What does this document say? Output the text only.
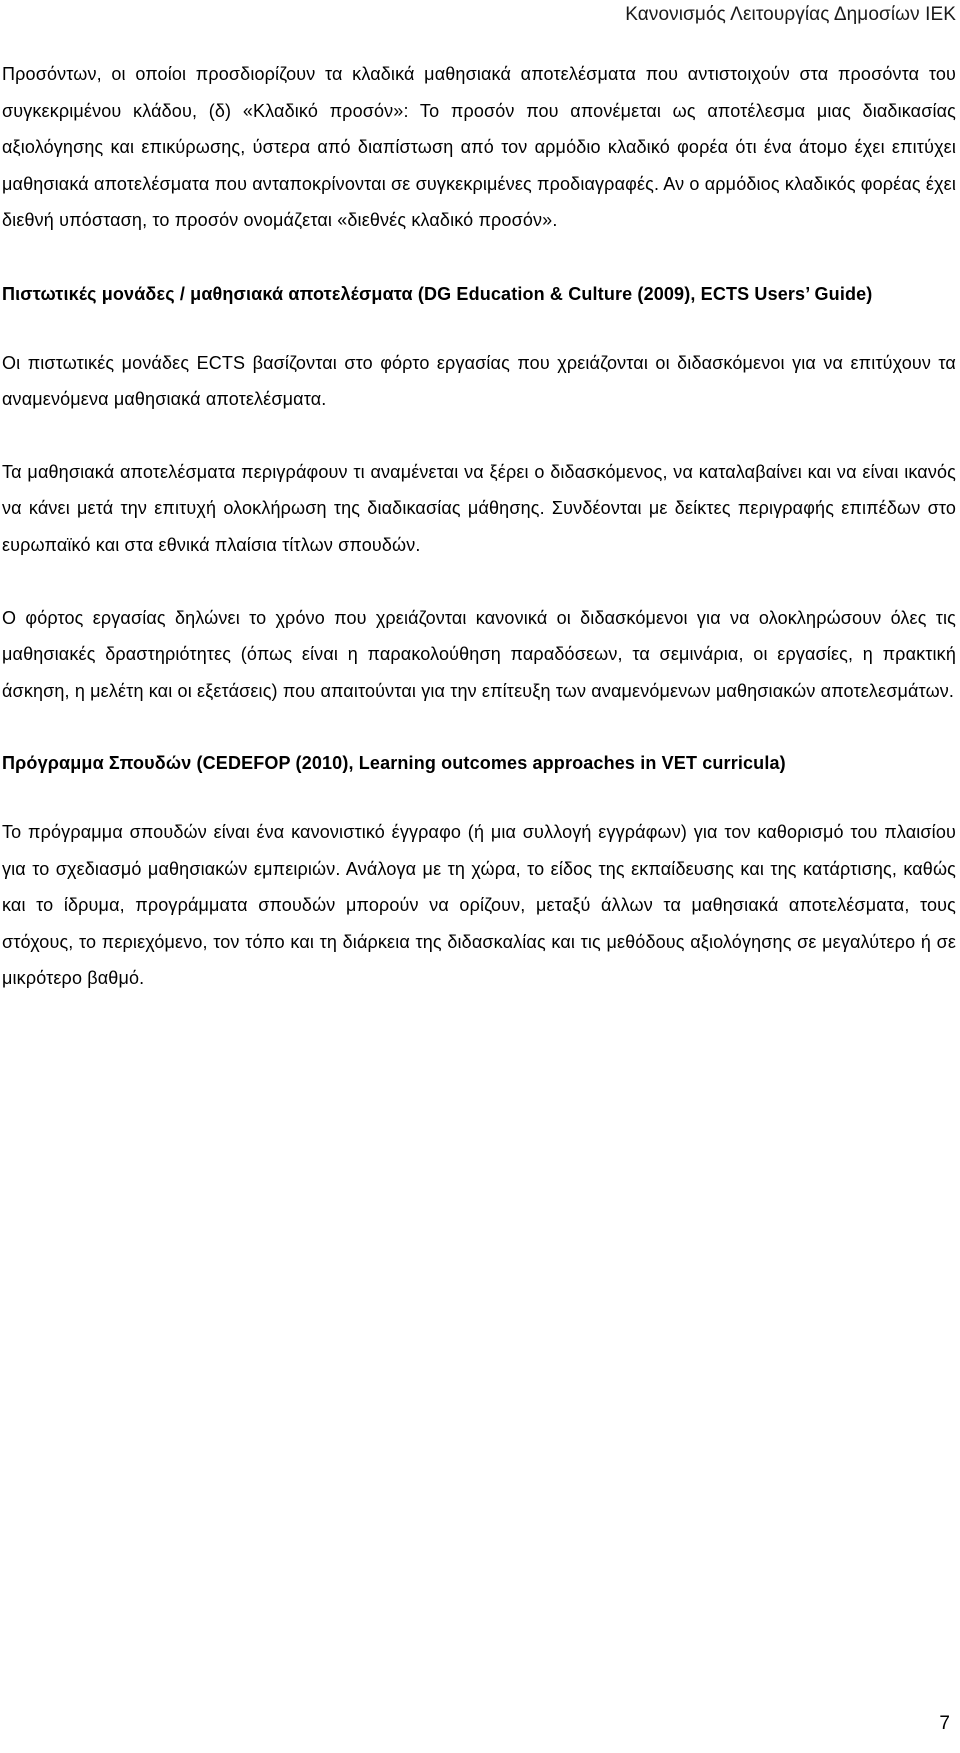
Κανονισμός Λειτουργίας Δημοσίων ΙΕΚ

Προσόντων, οι οποίοι προσδιορίζουν τα κλαδικά μαθησιακά αποτελέσματα που αντιστοιχούν στα προσόντα του συγκεκριμένου κλάδου, (δ) «Κλαδικό προσόν»: Το προσόν που απονέμεται ως αποτέλεσμα μιας διαδικασίας αξιολόγησης και επικύρωσης, ύστερα από διαπίστωση από τον αρμόδιο κλαδικό φορέα ότι ένα άτομο έχει επιτύχει μαθησιακά αποτελέσματα που ανταποκρίνονται σε συγκεκριμένες προδιαγραφές. Αν ο αρμόδιος κλαδικός φορέας έχει διεθνή υπόσταση, το προσόν ονομάζεται «διεθνές κλαδικό προσόν».

Πιστωτικές μονάδες / μαθησιακά αποτελέσματα (DG Education & Culture (2009), ECTS Users’ Guide)

Οι πιστωτικές μονάδες ECTS βασίζονται στο φόρτο εργασίας που χρειάζονται οι διδασκόμενοι για να επιτύχουν τα αναμενόμενα μαθησιακά αποτελέσματα.

Τα μαθησιακά αποτελέσματα περιγράφουν τι αναμένεται να ξέρει ο διδασκόμενος, να καταλαβαίνει και να είναι ικανός να κάνει μετά την επιτυχή ολοκλήρωση της διαδικασίας μάθησης. Συνδέονται με δείκτες περιγραφής επιπέδων στο ευρωπαϊκό και στα εθνικά πλαίσια τίτλων σπουδών.

Ο φόρτος εργασίας δηλώνει το χρόνο που χρειάζονται κανονικά οι διδασκόμενοι για να ολοκληρώσουν όλες τις μαθησιακές δραστηριότητες (όπως είναι η παρακολούθηση παραδόσεων, τα σεμινάρια, οι εργασίες, η πρακτική άσκηση, η μελέτη και οι εξετάσεις) που απαιτούνται για την επίτευξη των αναμενόμενων μαθησιακών αποτελεσμάτων.

Πρόγραμμα Σπουδών (CEDEFOP (2010), Learning outcomes approaches in VET curricula)

Το πρόγραμμα σπουδών είναι ένα κανονιστικό έγγραφο (ή μια συλλογή εγγράφων) για τον καθορισμό του πλαισίου για το σχεδιασμό μαθησιακών εμπειριών. Ανάλογα με τη χώρα, το είδος της εκπαίδευσης και της κατάρτισης, καθώς και το ίδρυμα, προγράμματα σπουδών μπορούν να ορίζουν, μεταξύ άλλων τα μαθησιακά αποτελέσματα, τους στόχους, το περιεχόμενο, τον τόπο και τη διάρκεια της διδασκαλίας και τις μεθόδους αξιολόγησης σε μεγαλύτερο ή σε μικρότερο βαθμό.

7
